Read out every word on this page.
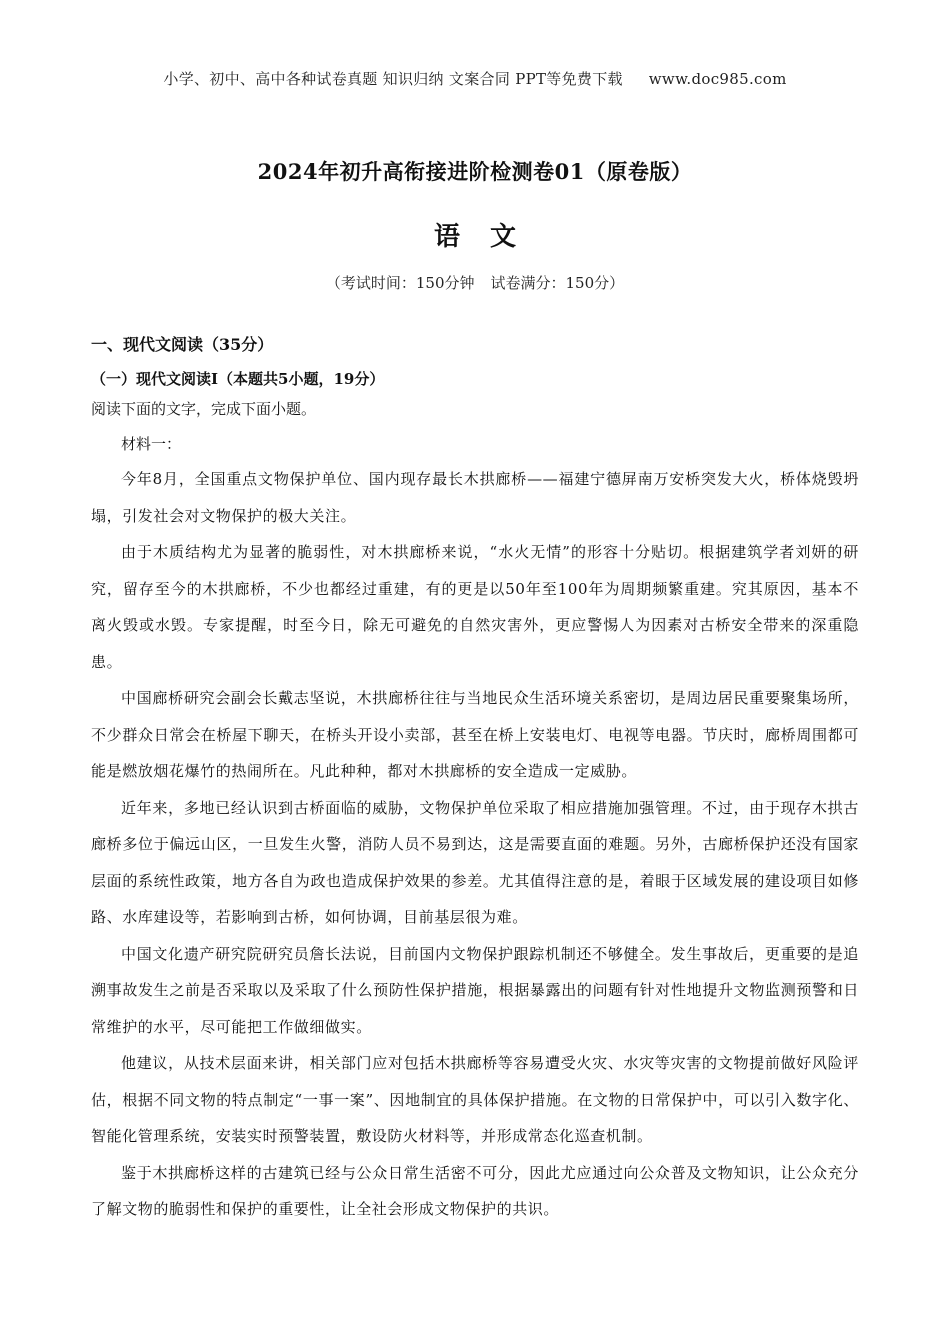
小学、初中、高中各种试卷真题 知识归纳 文案合同 PPT等免费下载 www.doc985.com
2024年初升高衔接进阶检测卷01（原卷版）
语文
（考试时间：150分钟 试卷满分：150分）

一、现代文阅读（35分）

（一）现代文阅读Ⅰ（本题共5小题，19分）

阅读下面的文字，完成下面小题。

材料一：

今年8月，全国重点文物保护单位、国内现存最长木拱廊桥——福建宁德屏南万安桥突发大火，桥体烧毁坍塌，引发社会对文物保护的极大关注。

由于木质结构尤为显著的脆弱性，对木拱廊桥来说，“水火无情”的形容十分贴切。根据建筑学者刘妍的研究，留存至今的木拱廊桥，不少也都经过重建，有的更是以50年至100年为周期频繁重建。究其原因，基本不离火毁或水毁。专家提醒，时至今日，除无可避免的自然灾害外，更应警惕人为因素对古桥安全带来的深重隐患。

中国廊桥研究会副会长戴志坚说，木拱廊桥往往与当地民众生活环境关系密切，是周边居民重要聚集场所，不少群众日常会在桥屋下聊天，在桥头开设小卖部，甚至在桥上安装电灯、电视等电器。节庆时，廊桥周围都可能是燃放烟花爆竹的热闹所在。凡此种种，都对木拱廊桥的安全造成一定威胁。

近年来，多地已经认识到古桥面临的威胁，文物保护单位采取了相应措施加强管理。不过，由于现存木拱古廊桥多位于偏远山区，一旦发生火警，消防人员不易到达，这是需要直面的难题。另外，古廊桥保护还没有国家层面的系统性政策，地方各自为政也造成保护效果的参差。尤其值得注意的是，着眼于区域发展的建设项目如修路、水库建设等，若影响到古桥，如何协调，目前基层很为难。

中国文化遗产研究院研究员詹长法说，目前国内文物保护跟踪机制还不够健全。发生事故后，更重要的是追溯事故发生之前是否采取以及采取了什么预防性保护措施，根据暴露出的问题有针对性地提升文物监测预警和日常维护的水平，尽可能把工作做细做实。

他建议，从技术层面来讲，相关部门应对包括木拱廊桥等容易遭受火灾、水灾等灾害的文物提前做好风险评估，根据不同文物的特点制定“一事一案”、因地制宜的具体保护措施。在文物的日常保护中，可以引入数字化、智能化管理系统，安装实时预警装置，敷设防火材料等，并形成常态化巡查机制。

鉴于木拱廊桥这样的古建筑已经与公众日常生活密不可分，因此尤应通过向公众普及文物知识，让公众充分了解文物的脆弱性和保护的重要性，让全社会形成文物保护的共识。
